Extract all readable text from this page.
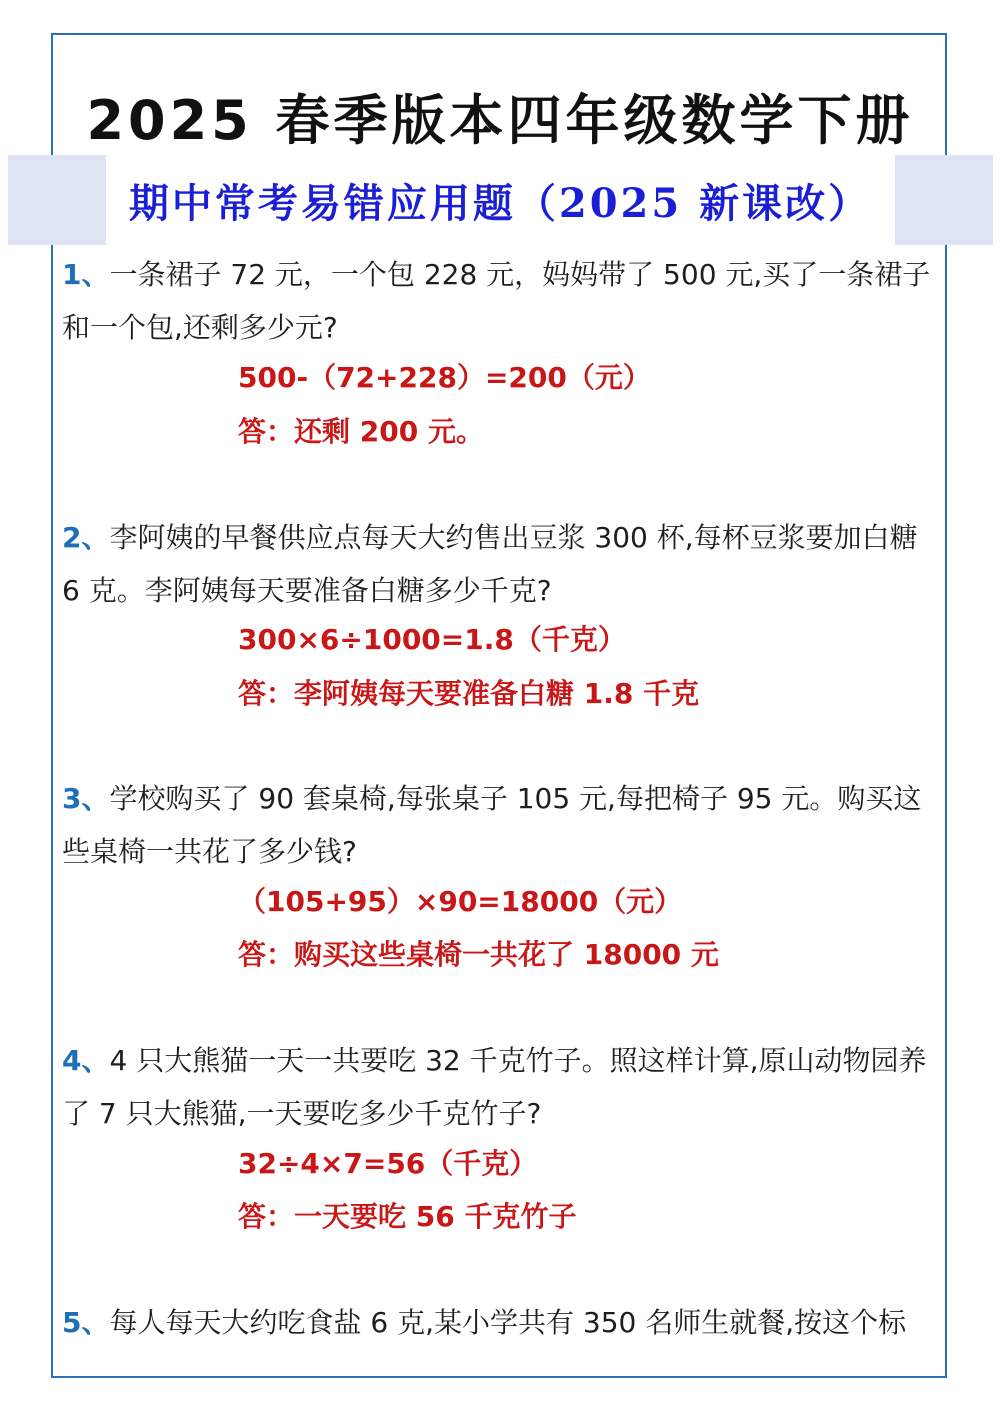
2025 春季版本四年级数学下册
期中常考易错应用题（2025 新课改）
1、一条裙子 72 元，一个包 228 元，妈妈带了 500 元,买了一条裙子和一个包,还剩多少元?
500-（72+228）=200（元）
答：还剩 200 元。
2、李阿姨的早餐供应点每天大约售出豆浆 300 杯,每杯豆浆要加白糖 6 克。李阿姨每天要准备白糖多少千克?
300×6÷1000=1.8（千克）
答：李阿姨每天要准备白糖 1.8 千克
3、学校购买了 90 套桌椅,每张桌子 105 元,每把椅子 95 元。购买这些桌椅一共花了多少钱?
（105+95）×90=18000（元）
答：购买这些桌椅一共花了 18000 元
4、4 只大熊猫一天一共要吃 32 千克竹子。照这样计算,原山动物园养了 7 只大熊猫,一天要吃多少千克竹子?
32÷4×7=56（千克）
答：一天要吃 56 千克竹子
5、每人每天大约吃食盐 6 克,某小学共有 350 名师生就餐,按这个标
